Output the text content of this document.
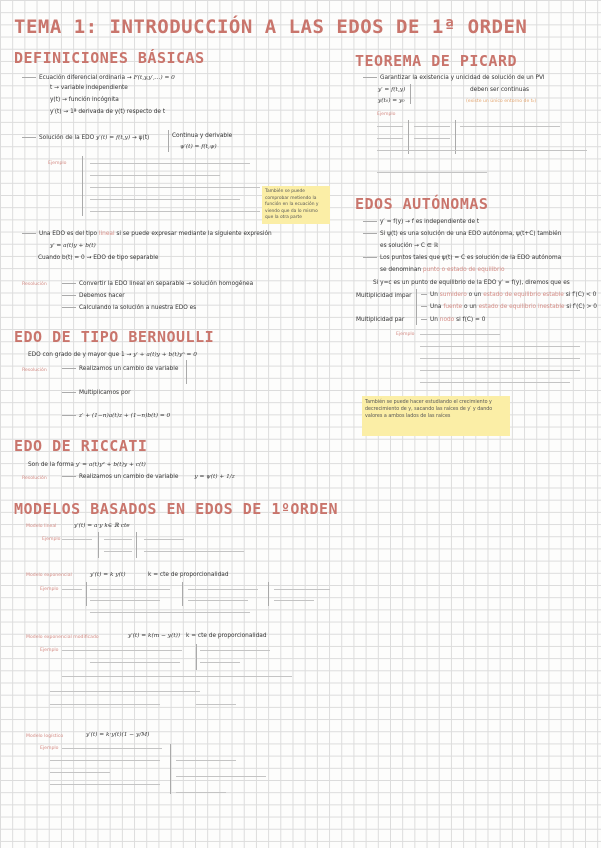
TEMA 1: INTRODUCCIÓN A LAS EDOS DE 1ª ORDEN
DEFINICIONES BÁSICAS
Ecuación diferencial ordinaria → F(t,y,y′,...) = 0
t → variable independiente
y(t) → función incógnita
y′(t) → 1ª derivada de y(t) respecto de t
Solución de la EDO y′(t) = f(t,y) → ψ(t)	Continua y derivable
ψ′(t) = f(t,ψ)
Ejemplo
También se puede comprobar metiendo la función en la ecuación y viendo que da lo mismo que la otra parte
Una EDO es del tipo lineal si se puede expresar mediante la siguiente expresión
y′ = a(t)y + b(t)
Cuando b(t) = 0 → EDO de tipo separable
Resolución	Convertir la EDO lineal en separable → solución homogénea
Debemos hacer
Calculando la solución a nuestra EDO es
EDO DE TIPO BERNOULLI
EDO con grado de y mayor que 1 → y′ + a(t)y + b(t)yⁿ = 0
Resolución	Realizamos un cambio de variable
Multiplicamos por
z′ + (1−n)a(t)z + (1−n)b(t) = 0
EDO DE RICCATI
Son de la forma y′ = a(t)y² + b(t)y + c(t)
Resolución	Realizamos un cambio de variable	y = ψ(t) + 1/z
MODELOS BASADOS EN EDOS DE 1ºORDEN
Modelo lineal	y′(t) = a·y k∈ ℝ cte
Ejemplo
Modelo exponencial	y′(t) = k y(t)	k = cte de proporcionalidad
Ejemplo
Modelo exponencial modificado	y′(t) = k(m − y(t)) k = cte de proporcionalidad
Ejemplo
Modelo logístico	y′(t) = k·y(t)(1 − y/M)
Ejemplo
TEOREMA DE PICARD
Garantizar la existencia y unicidad de solución de un PVI
y′ = f(t,y)	deben ser continuas
y(t₀) = y₀	(existe un único entorno de t₀)
Ejemplo
EDOS AUTÓNOMAS
y′ = f(y) → f es independiente de t
Si ψ(t) es una solución de una EDO autónoma, ψ(t+C) también
es solución → C ∈ ℝ
Los puntos tales que ψ(t) = C es solución de la EDO autónoma
se denominan punto o estado de equilibrio
Si y=c es un punto de equilibrio de la EDO y′ = f(y), diremos que es
Multiplicidad impar	Un sumidero o un estado de equilibrio estable si f′(C) < 0
Una fuente o un estado de equilibrio inestable si f′(C) > 0
Multiplicidad par	Un nodo si f(C) = 0
Ejemplo
También se puede hacer estudiando el crecimiento y decrecimiento de y, sacando las raíces de y′ y dando valores a ambos lados de las raíces
